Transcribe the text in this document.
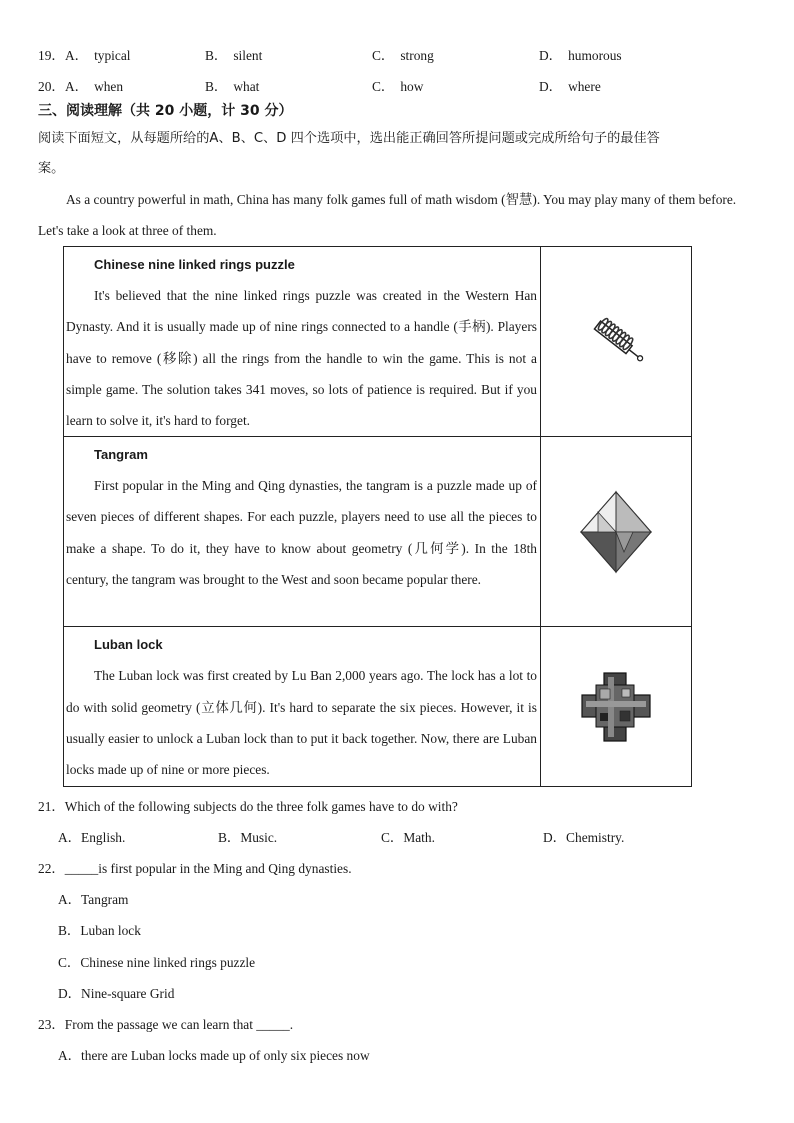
19． A． typical	B． silent	C． strong	D． humorous
20． A． when	B． what	C． how	D． where
三、阅读理解（共 20 小题，计 30 分）
阅读下面短文，从每题所给的A、B、C、D 四个选项中，选出能正确回答所提问题或完成所给句子的最佳答
案。
As a country powerful in math, China has many folk games full of math wisdom (智慧). You may play many of them before. Let's take a look at three of them.
Chinese nine linked rings puzzle
It's believed that the nine linked rings puzzle was created in the Western Han Dynasty. And it is usually made up of nine rings connected to a handle (手柄). Players have to remove (移除) all the rings from the handle to win the game. This is not a simple game. The solution takes 341 moves, so lots of patience is required. But if you learn to solve it, it's hard to forget.

Tangram
First popular in the Ming and Qing dynasties, the tangram is a puzzle made up of seven pieces of different shapes. For each puzzle, players need to use all the pieces to make a shape. To do it, they have to know about geometry (几何学). In the 18th century, the tangram was brought to the West and soon became popular there.

Luban lock
The Luban lock was first created by Lu Ban 2,000 years ago. The lock has a lot to do with solid geometry (立体几何). It's hard to separate the six pieces. However, it is usually easier to unlock a Luban lock than to put it back together. Now, there are Luban locks made up of nine or more pieces.

21．Which of the following subjects do the three folk games have to do with?
A．English.	B．Music.	C．Math.	D．Chemistry.
22．_____is first popular in the Ming and Qing dynasties.
A．Tangram
B．Luban lock
C．Chinese nine linked rings puzzle
D．Nine-square Grid
23．From the passage we can learn that _____.
A．there are Luban locks made up of only six pieces now
